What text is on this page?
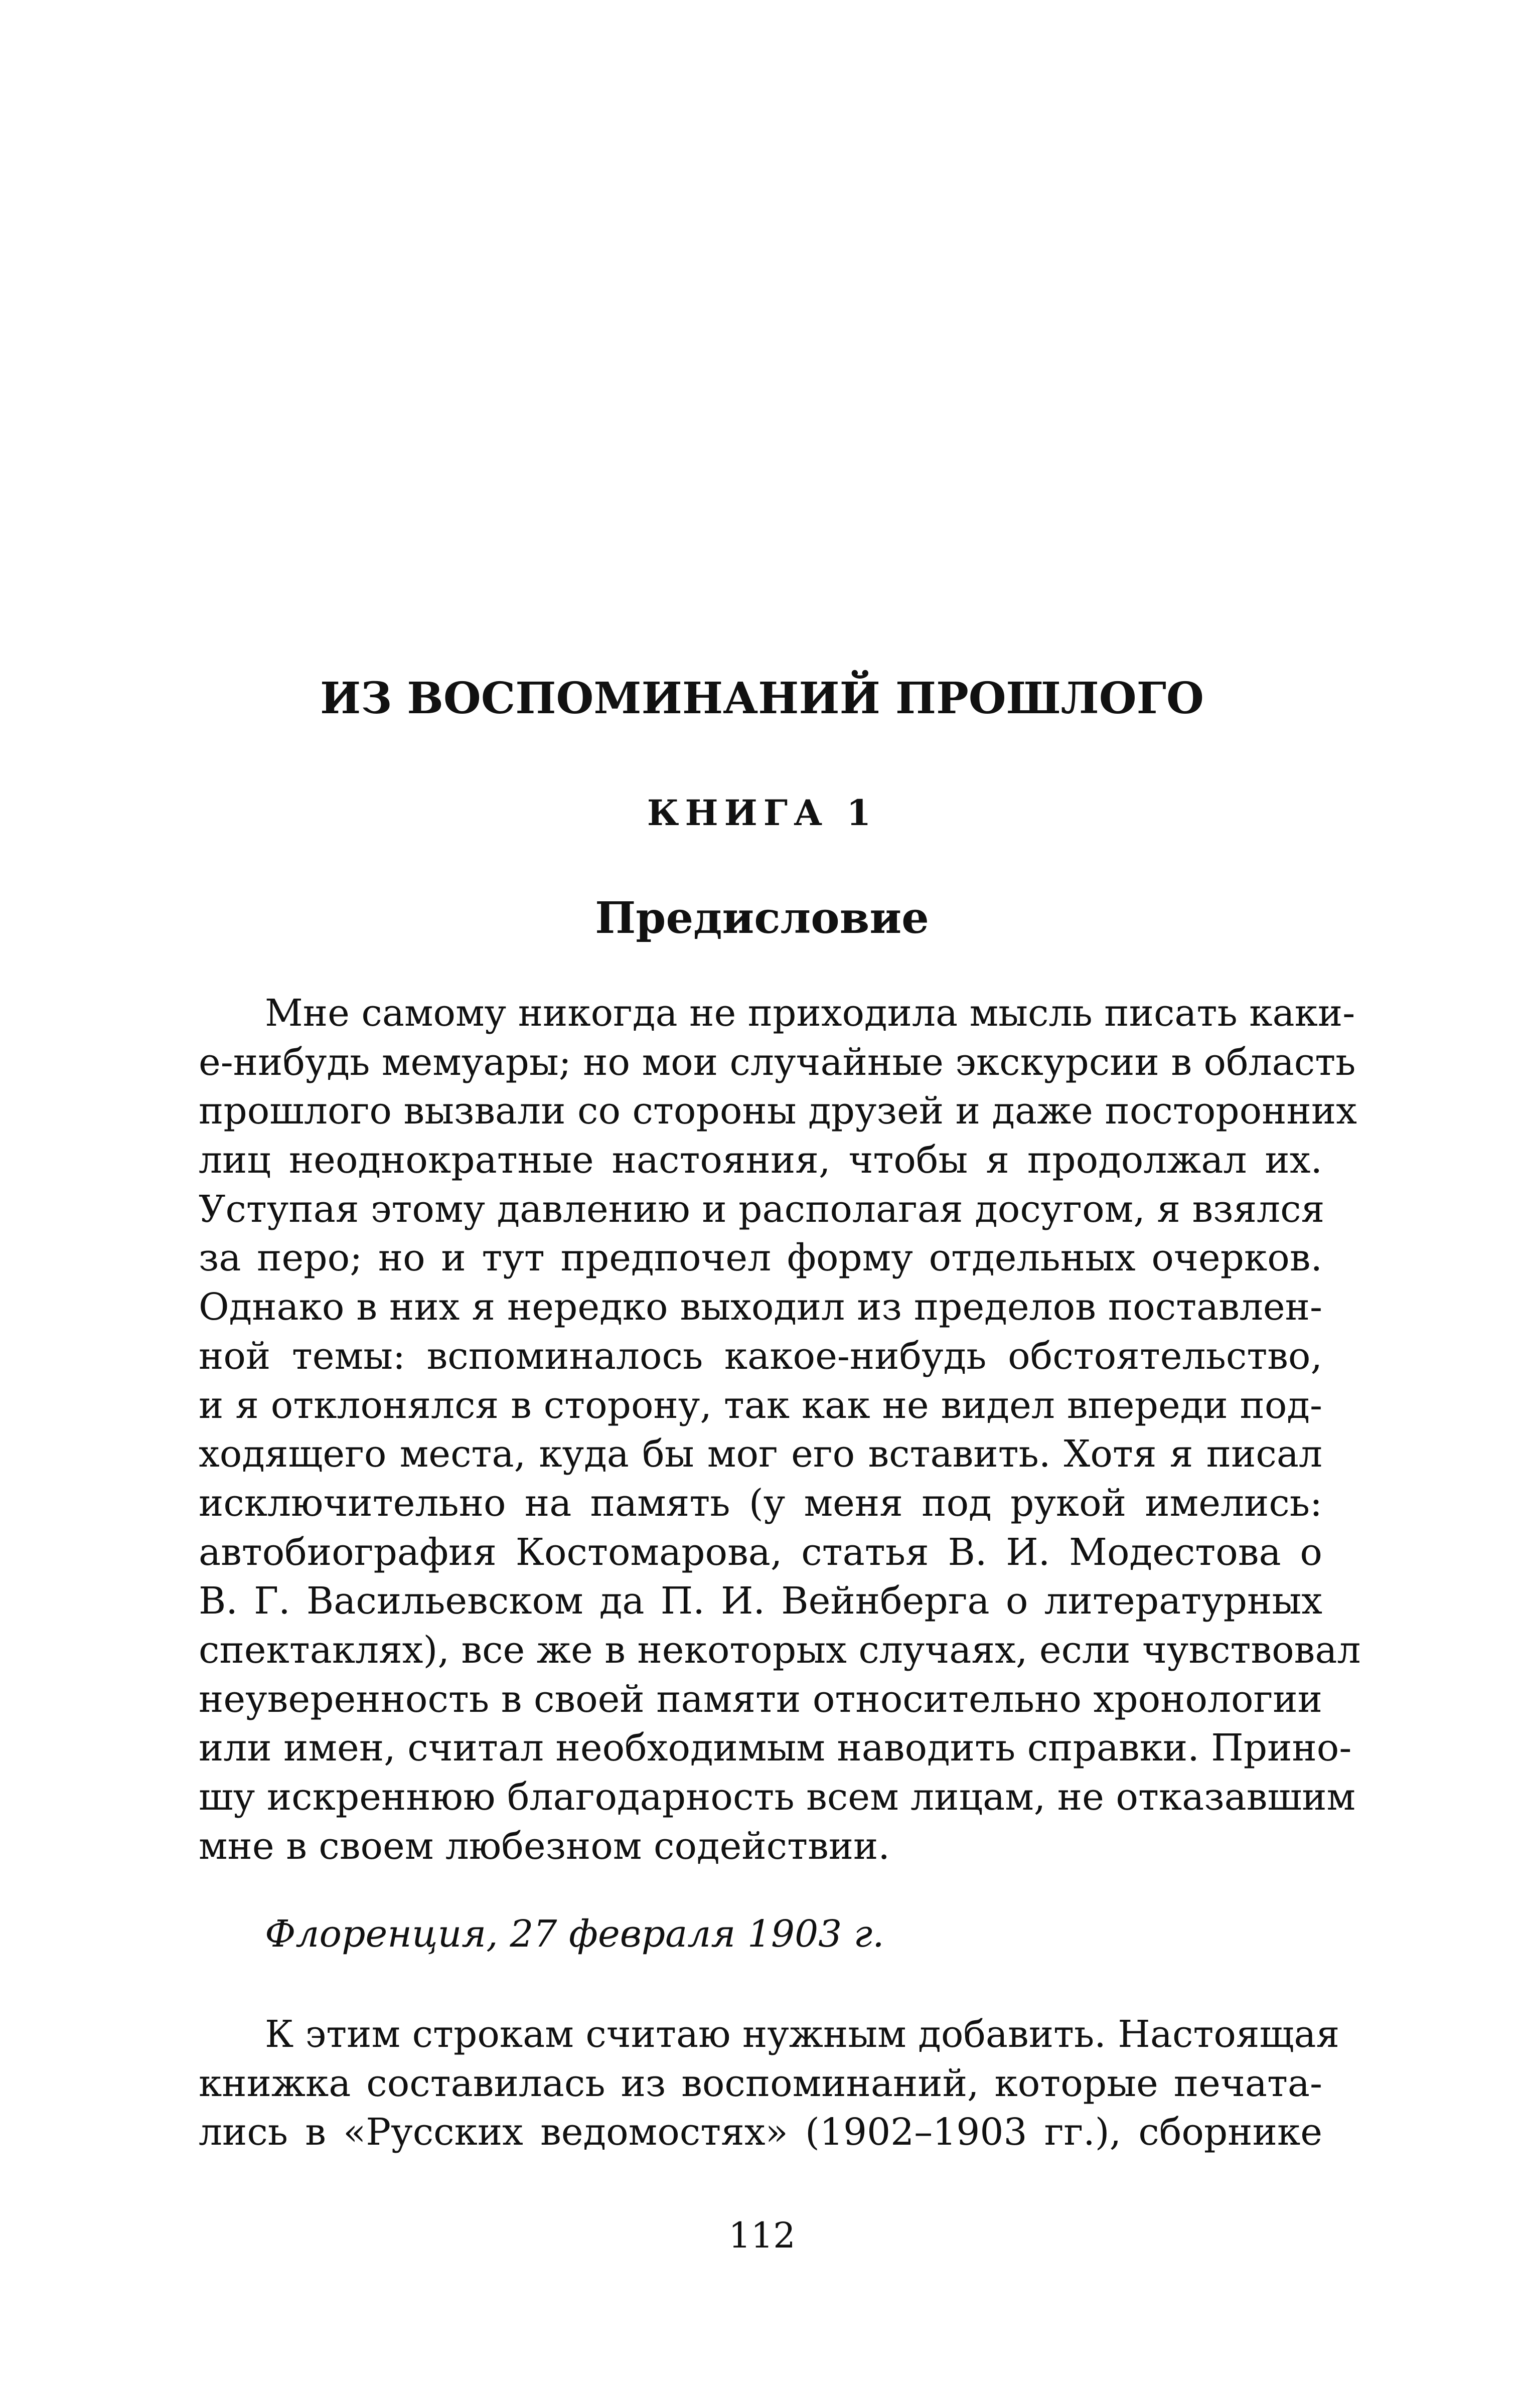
ИЗ ВОСПОМИНАНИЙ ПРОШЛОГО
КНИГА 1
Предисловие

Мне самому никогда не приходила мысль писать каки-
е-нибудь мемуары; но мои случайные экскурсии в область
прошлого вызвали со стороны друзей и даже посторонних
лиц неоднократные настояния, чтобы я продолжал их.
Уступая этому давлению и располагая досугом, я взялся
за перо; но и тут предпочел форму отдельных очерков.
Однако в них я нередко выходил из пределов поставлен-
ной темы: вспоминалось какое-нибудь обстоятельство,
и я отклонялся в сторону, так как не видел впереди под-
ходящего места, куда бы мог его вставить. Хотя я писал
исключительно на память (у меня под рукой имелись:
автобиография Костомарова, статья В. И. Модестова о
В. Г. Васильевском да П. И. Вейнберга о литературных
спектаклях), все же в некоторых случаях, если чувствовал
неуверенность в своей памяти относительно хронологии
или имен, считал необходимым наводить справки. Прино-
шу искреннюю благодарность всем лицам, не отказавшим
мне в своем любезном содействии.

Флоренция, 27 февраля 1903 г.

К этим строкам считаю нужным добавить. Настоящая
книжка составилась из воспоминаний, которые печата-
лись в «Русских ведомостях» (1902–1903 гг.), сборнике

112
